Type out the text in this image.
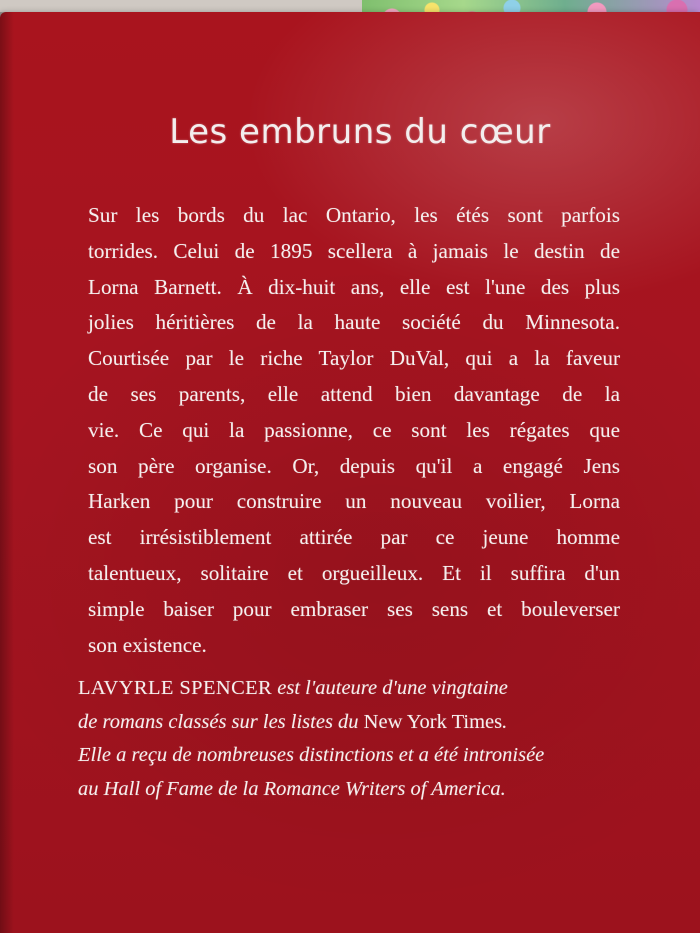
Les embruns du cœur
Sur les bords du lac Ontario, les étés sont parfois
torrides. Celui de 1895 scellera à jamais le destin de
Lorna Barnett. À dix-huit ans, elle est l'une des plus
jolies héritières de la haute société du Minnesota.
Courtisée par le riche Taylor DuVal, qui a la faveur
de ses parents, elle attend bien davantage de la
vie. Ce qui la passionne, ce sont les régates que
son père organise. Or, depuis qu'il a engagé Jens
Harken pour construire un nouveau voilier, Lorna
est irrésistiblement attirée par ce jeune homme
talentueux, solitaire et orgueilleux. Et il suffira d'un
simple baiser pour embraser ses sens et bouleverser
son existence.
LAVYRLE SPENCER est l'auteure d'une vingtaine
de romans classés sur les listes du New York Times.
Elle a reçu de nombreuses distinctions et a été intronisée
au Hall of Fame de la Romance Writers of America.
